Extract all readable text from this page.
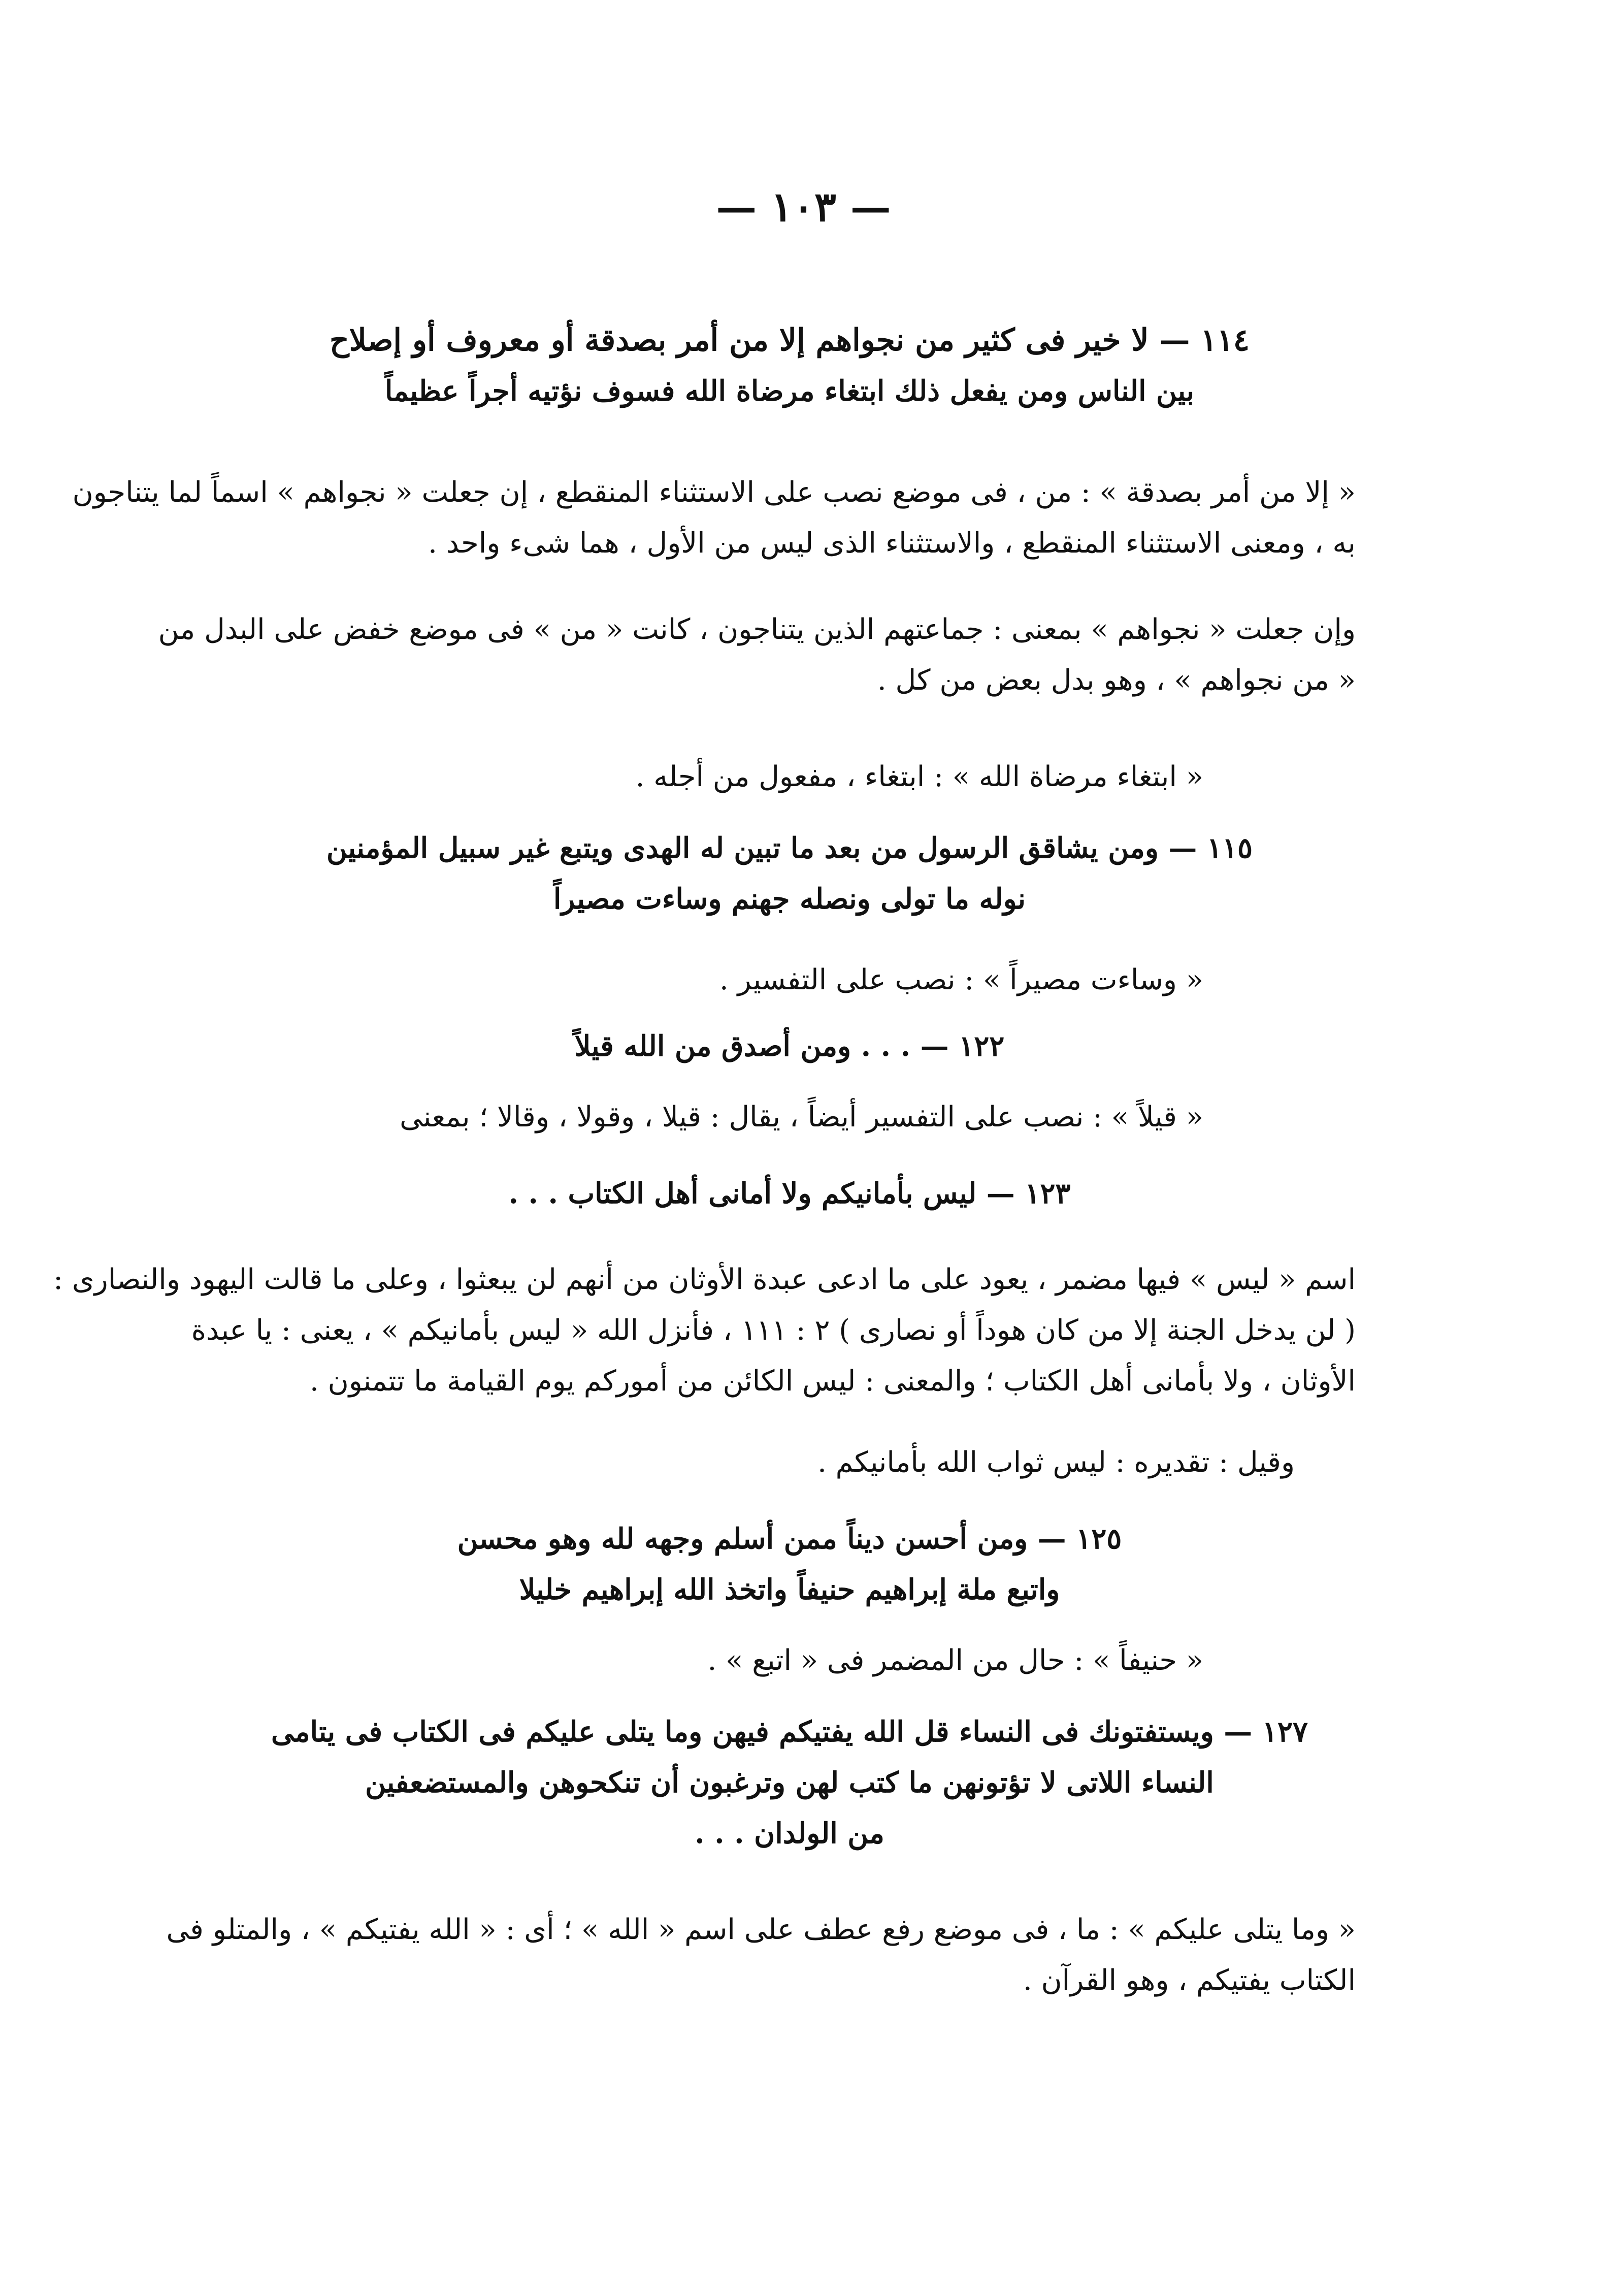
— ١٠٣ —
١١٤ — لا خير فى كثير من نجواهم إلا من أمر بصدقة أو معروف أو إصلاح
بين الناس ومن يفعل ذلك ابتغاء مرضاة الله فسوف نؤتيه أجراً عظيماً
« إلا من أمر بصدقة » : من ، فى موضع نصب على الاستثناء المنقطع ، إن جعلت « نجواهم » اسماً لما يتناجون
به ، ومعنى الاستثناء المنقطع ، والاستثناء الذى ليس من الأول ، هما شىء واحد .
وإن جعلت « نجواهم » بمعنى : جماعتهم الذين يتناجون ، كانت « من » فى موضع خفض على البدل من
« من نجواهم » ، وهو بدل بعض من كل .
« ابتغاء مرضاة الله » : ابتغاء ، مفعول من أجله .
١١٥ — ومن يشاقق الرسول من بعد ما تبين له الهدى ويتبع غير سبيل المؤمنين
نوله ما تولى ونصله جهنم وساءت مصيراً
« وساءت مصيراً » : نصب على التفسير .
١٢٢ — . . . ومن أصدق من الله قيلاً
« قيلاً » : نصب على التفسير أيضاً ، يقال : قيلا ، وقولا ، وقالا ؛ بمعنى
١٢٣ — ليس بأمانيكم ولا أمانى أهل الكتاب . . .
اسم « ليس » فيها مضمر ، يعود على ما ادعى عبدة الأوثان من أنهم لن يبعثوا ، وعلى ما قالت اليهود والنصارى :
( لن يدخل الجنة إلا من كان هوداً أو نصارى ) ٢ : ١١١ ، فأنزل الله « ليس بأمانيكم » ، يعنى : يا عبدة
الأوثان ، ولا بأمانى أهل الكتاب ؛ والمعنى : ليس الكائن من أموركم يوم القيامة ما تتمنون .
وقيل : تقديره : ليس ثواب الله بأمانيكم .
١٢٥ — ومن أحسن ديناً ممن أسلم وجهه لله وهو محسن
واتبع ملة إبراهيم حنيفاً واتخذ الله إبراهيم خليلا
« حنيفاً » : حال من المضمر فى « اتبع » .
١٢٧ — ويستفتونك فى النساء قل الله يفتيكم فيهن وما يتلى عليكم فى الكتاب فى يتامى
النساء اللاتى لا تؤتونهن ما كتب لهن وترغبون أن تنكحوهن والمستضعفين
من الولدان . . .
« وما يتلى عليكم » : ما ، فى موضع رفع عطف على اسم « الله » ؛ أى : « الله يفتيكم » ، والمتلو فى
الكتاب يفتيكم ، وهو القرآن .
